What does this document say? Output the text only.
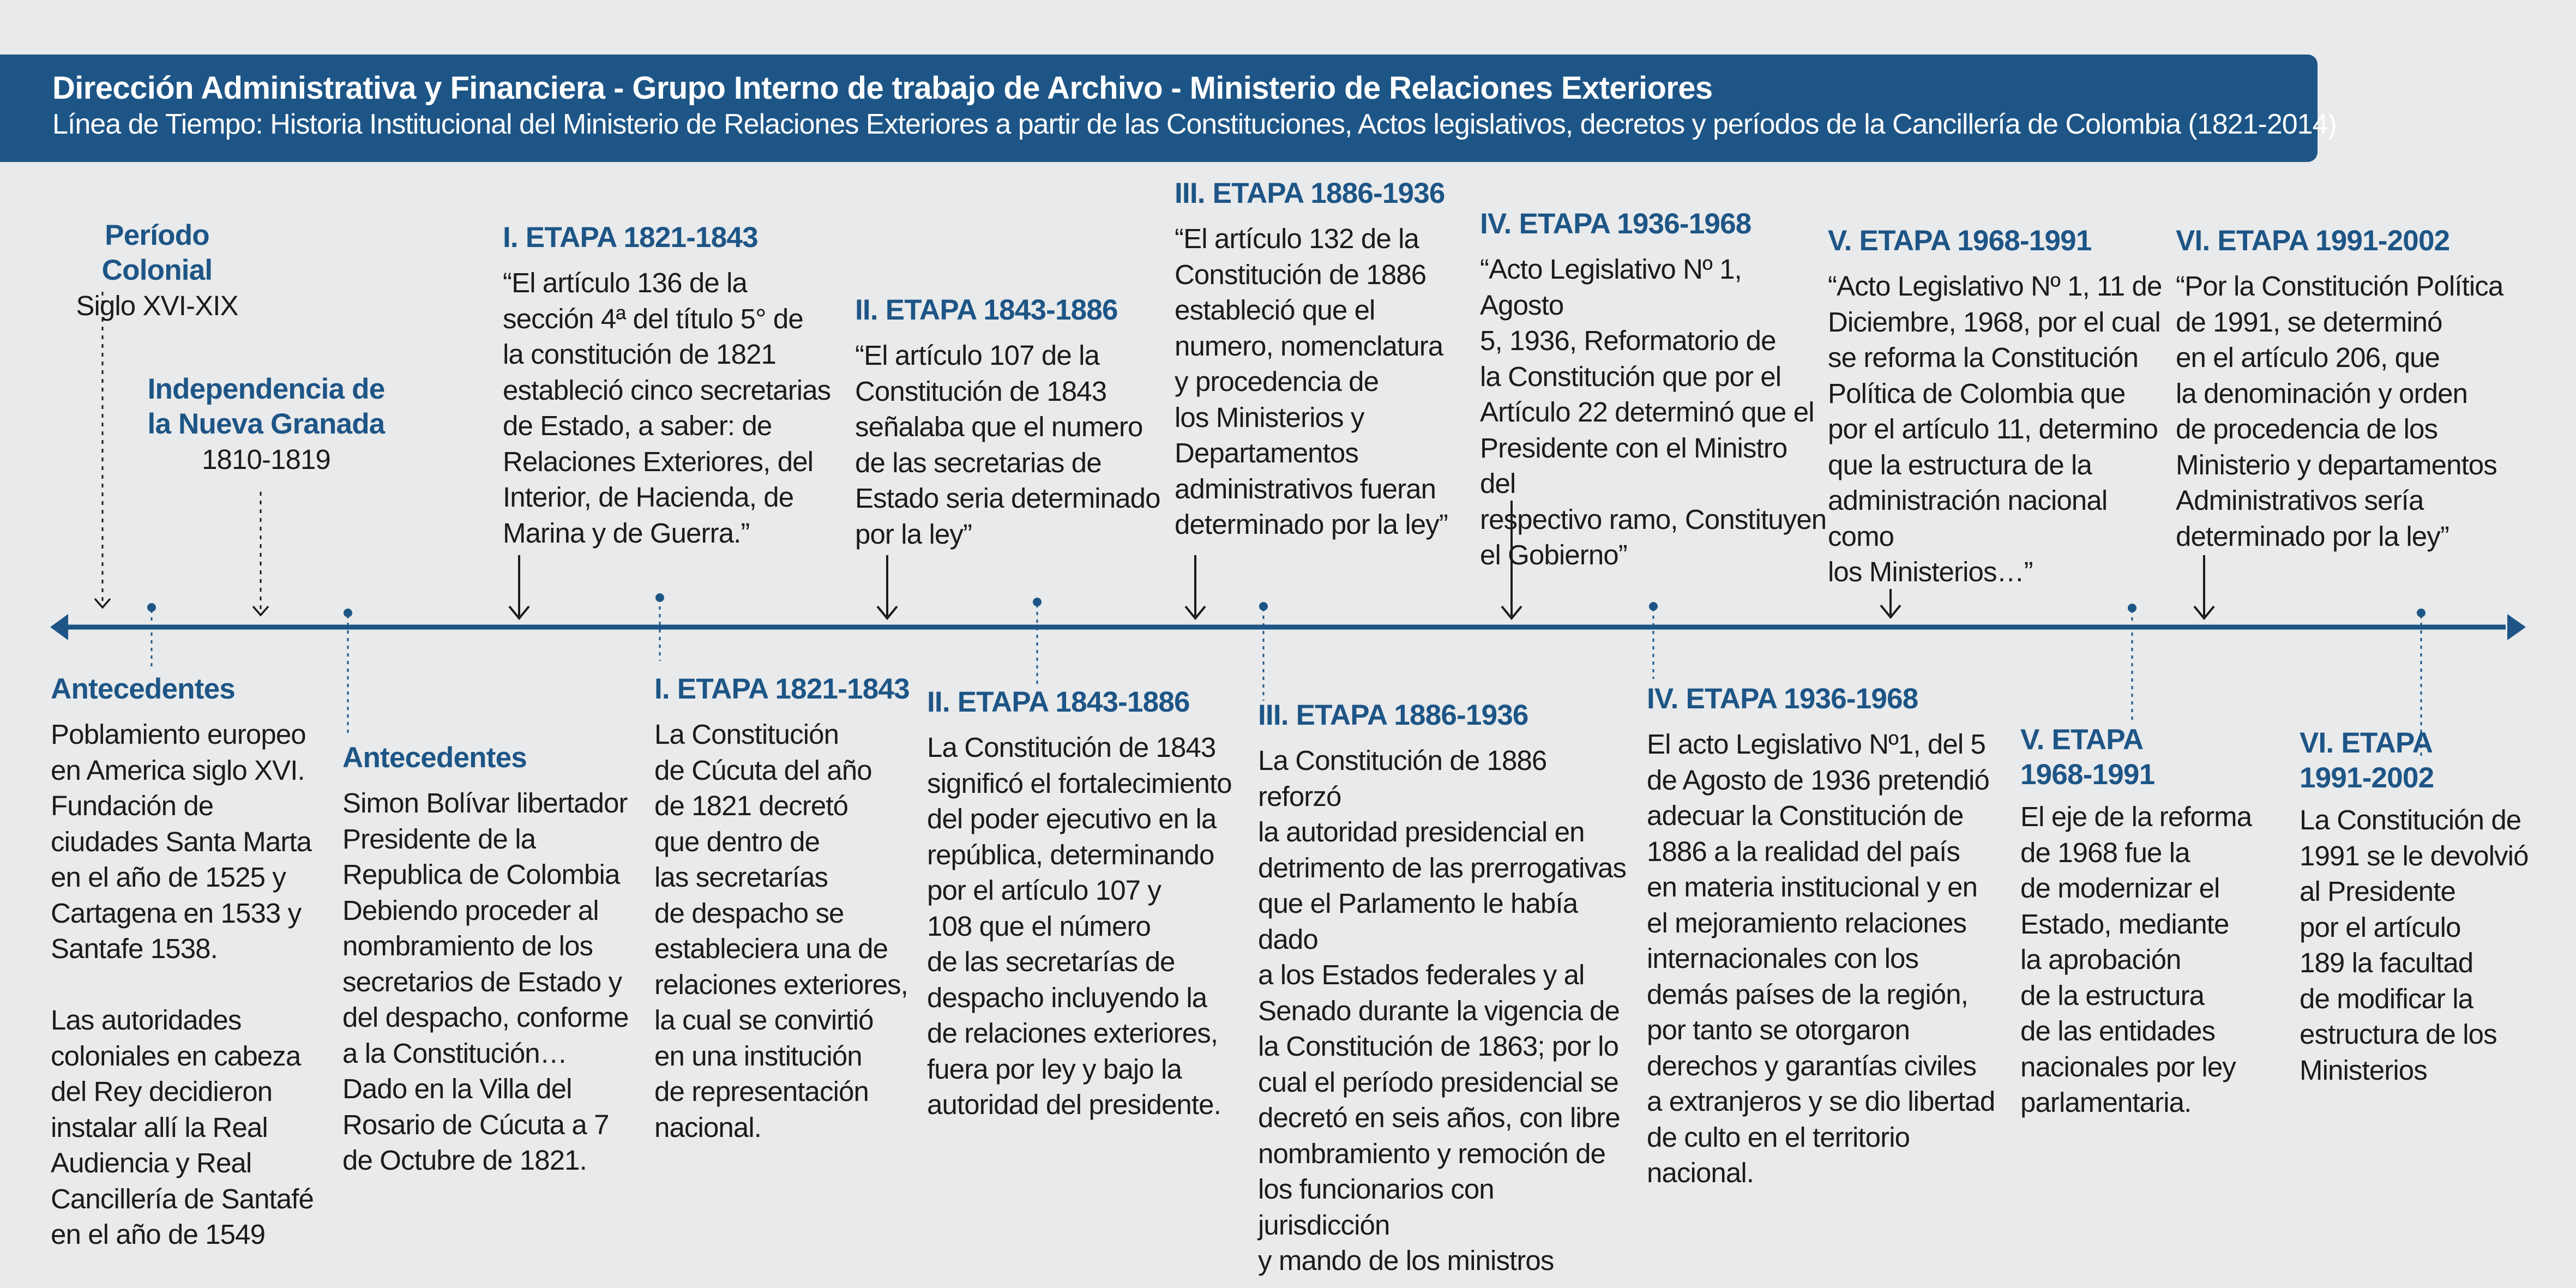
Dirección Administrativa y Financiera - Grupo Interno de trabajo de Archivo - Ministerio de Relaciones Exteriores
Línea de Tiempo: Historia Institucional del Ministerio de Relaciones Exteriores a partir de las Constituciones, Actos legislativos, decretos y períodos de la Cancillería de Colombia (1821-2014)
Período Colonial
Siglo XVI-XIX
Independencia de
la Nueva Granada
1810-1819
I. ETAPA 1821-1843
“El artículo 136 de la
sección 4ª del título 5° de
la constitución de 1821
estableció cinco secretarias
de Estado, a saber: de
Relaciones Exteriores, del
Interior, de Hacienda, de
Marina y de Guerra.”
II. ETAPA 1843-1886
“El artículo 107 de la
Constitución de 1843
señalaba que el numero
de las secretarias de
Estado seria determinado
por la ley”
III. ETAPA 1886-1936
“El artículo 132 de la
Constitución de 1886
estableció que el
numero, nomenclatura
y procedencia de
los Ministerios y
Departamentos
administrativos fueran
determinado por la ley”
IV. ETAPA 1936-1968
“Acto Legislativo Nº 1, Agosto
5, 1936, Reformatorio de
la Constitución que por el
Artículo 22 determinó que el
Presidente con el Ministro del
respectivo ramo, Constituyen
el Gobierno”
V. ETAPA 1968-1991
“Acto Legislativo Nº 1, 11 de
Diciembre, 1968, por el cual
se reforma la Constitución
Política de Colombia que
por el artículo 11, determino
que la estructura de la
administración nacional como
los Ministerios…”
VI. ETAPA 1991-2002
“Por la Constitución Política
de 1991, se determinó
en el artículo 206, que
la denominación y orden
de procedencia de los
Ministerio y departamentos
Administrativos sería
determinado por la ley”
Antecedentes
Poblamiento europeo
en America siglo XVI.
Fundación de
ciudades Santa Marta
en el año de 1525 y
Cartagena en 1533 y
Santafe 1538.

Las autoridades
coloniales en cabeza
del Rey decidieron
instalar allí la Real
Audiencia y Real
Cancillería de Santafé
en el año de 1549
Antecedentes
Simon Bolívar libertador
Presidente de la
Republica de Colombia
Debiendo proceder al
nombramiento de los
secretarios de Estado y
del despacho, conforme
a la Constitución…
Dado en la Villa del
Rosario de Cúcuta a 7
de Octubre de 1821.
I. ETAPA 1821-1843
La Constitución
de Cúcuta del año
de 1821 decretó
que dentro de
las secretarías
de despacho se
estableciera una de
relaciones exteriores,
la cual se convirtió
en una institución
de representación
nacional.
II. ETAPA 1843-1886
La Constitución de 1843
significó el fortalecimiento
del poder ejecutivo en la
república, determinando
por el artículo 107 y
108 que el número
de las secretarías de
despacho incluyendo la
de relaciones exteriores,
fuera por ley y bajo la
autoridad del presidente.
III. ETAPA 1886-1936
La Constitución de 1886 reforzó
la autoridad presidencial en
detrimento de las prerrogativas
que el Parlamento le había dado
a los Estados federales y al
Senado durante la vigencia de
la Constitución de 1863; por lo
cual el período presidencial se
decretó en seis años, con libre
nombramiento y remoción de
los funcionarios con jurisdicción
y mando de los ministros
IV. ETAPA 1936-1968
El acto Legislativo Nº1, del 5
de Agosto de 1936 pretendió
adecuar la Constitución de
1886 a la realidad del país
en materia institucional y en
el mejoramiento relaciones
internacionales con los
demás países de la región,
por tanto se otorgaron
derechos y garantías civiles
a extranjeros y se dio libertad
de culto en el territorio
nacional.
V. ETAPA
1968-1991
El eje de la reforma
de 1968 fue la
de modernizar el
Estado, mediante
la aprobación
de la estructura
de las entidades
nacionales por ley
parlamentaria.
VI. ETAPA
1991-2002
La Constitución de
1991 se le devolvió
al Presidente
por el artículo
189 la facultad
de modificar la
estructura de los
Ministerios
